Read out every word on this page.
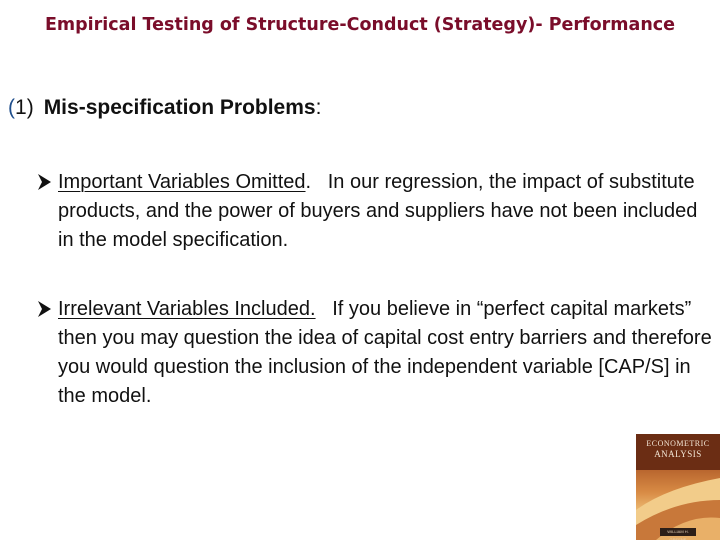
Empirical Testing of Structure-Conduct (Strategy)- Performance
(1) Mis-specification Problems:
Important Variables Omitted.   In our regression, the impact of substitute products, and the power of buyers and suppliers have not been included in the model specification.
Irrelevant Variables Included.   If you believe in “perfect capital markets” then you may question the idea of capital cost entry barriers and therefore you would question the inclusion of the independent variable [CAP/S] in the model.
ECONOMETRIC
ANALYSIS
WILLIAM H. GREENE
